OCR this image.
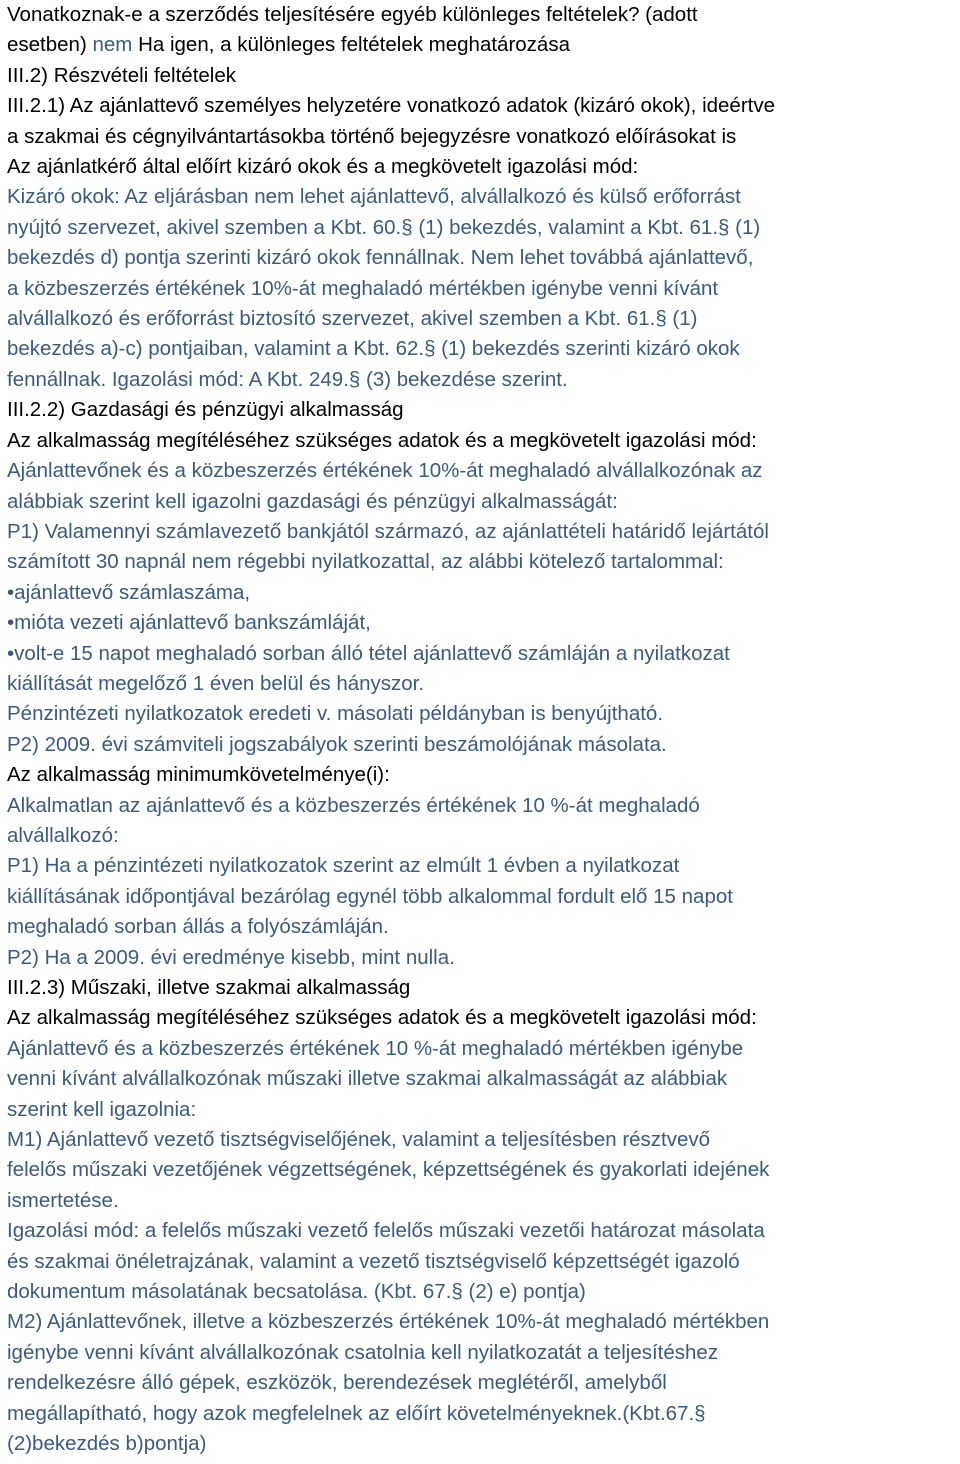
Vonatkoznak-e a szerződés teljesítésére egyéb különleges feltételek? (adott
esetben) nem Ha igen, a különleges feltételek meghatározása
III.2) Részvételi feltételek
III.2.1) Az ajánlattevő személyes helyzetére vonatkozó adatok (kizáró okok), ideértve
a szakmai és cégnyilvántartásokba történő bejegyzésre vonatkozó előírásokat is
Az ajánlatkérő által előírt kizáró okok és a megkövetelt igazolási mód:
Kizáró okok: Az eljárásban nem lehet ajánlattevő, alvállalkozó és külső erőforrást
nyújtó szervezet, akivel szemben a Kbt. 60.§ (1) bekezdés, valamint a Kbt. 61.§ (1)
bekezdés d) pontja szerinti kizáró okok fennállnak. Nem lehet továbbá ajánlattevő,
a közbeszerzés értékének 10%-át meghaladó mértékben igénybe venni kívánt
alvállalkozó és erőforrást biztosító szervezet, akivel szemben a Kbt. 61.§ (1)
bekezdés a)-c) pontjaiban, valamint a Kbt. 62.§ (1) bekezdés szerinti kizáró okok
fennállnak. Igazolási mód: A Kbt. 249.§ (3) bekezdése szerint.
III.2.2) Gazdasági és pénzügyi alkalmasság
Az alkalmasság megítéléséhez szükséges adatok és a megkövetelt igazolási mód:
Ajánlattevőnek és a közbeszerzés értékének 10%-át meghaladó alvállalkozónak az
alábbiak szerint kell igazolni gazdasági és pénzügyi alkalmasságát:
P1) Valamennyi számlavezető bankjától származó, az ajánlattételi határidő lejártától
számított 30 napnál nem régebbi nyilatkozattal, az alábbi kötelező tartalommal:
•ajánlattevő számlaszáma,
•mióta vezeti ajánlattevő bankszámláját,
•volt-e 15 napot meghaladó sorban álló tétel ajánlattevő számláján a nyilatkozat
kiállítását megelőző 1 éven belül és hányszor.
Pénzintézeti nyilatkozatok eredeti v. másolati példányban is benyújtható.
P2) 2009. évi számviteli jogszabályok szerinti beszámolójának másolata.
Az alkalmasság minimumkövetelménye(i):
Alkalmatlan az ajánlattevő és a közbeszerzés értékének 10 %-át meghaladó
alvállalkozó:
P1) Ha a pénzintézeti nyilatkozatok szerint az elmúlt 1 évben a nyilatkozat
kiállításának időpontjával bezárólag egynél több alkalommal fordult elő 15 napot
meghaladó sorban állás a folyószámláján.
P2) Ha a 2009. évi eredménye kisebb, mint nulla.
III.2.3) Műszaki, illetve szakmai alkalmasság
Az alkalmasság megítéléséhez szükséges adatok és a megkövetelt igazolási mód:
Ajánlattevő és a közbeszerzés értékének 10 %-át meghaladó mértékben igénybe
venni kívánt alvállalkozónak műszaki illetve szakmai alkalmasságát az alábbiak
szerint kell igazolnia:
M1) Ajánlattevő vezető tisztségviselőjének, valamint a teljesítésben résztvevő
felelős műszaki vezetőjének végzettségének, képzettségének és gyakorlati idejének
ismertetése.
Igazolási mód: a felelős műszaki vezető felelős műszaki vezetői határozat másolata
és szakmai önéletrajzának, valamint a vezető tisztségviselő képzettségét igazoló
dokumentum másolatának becsatolása. (Kbt. 67.§ (2) e) pontja)
M2) Ajánlattevőnek, illetve a közbeszerzés értékének 10%-át meghaladó mértékben
igénybe venni kívánt alvállalkozónak csatolnia kell nyilatkozatát a teljesítéshez
rendelkezésre álló gépek, eszközök, berendezések meglétéről, amelyből
megállapítható, hogy azok megfelelnek az előírt követelményeknek.(Kbt.67.§
(2)bekezdés b)pontja)
